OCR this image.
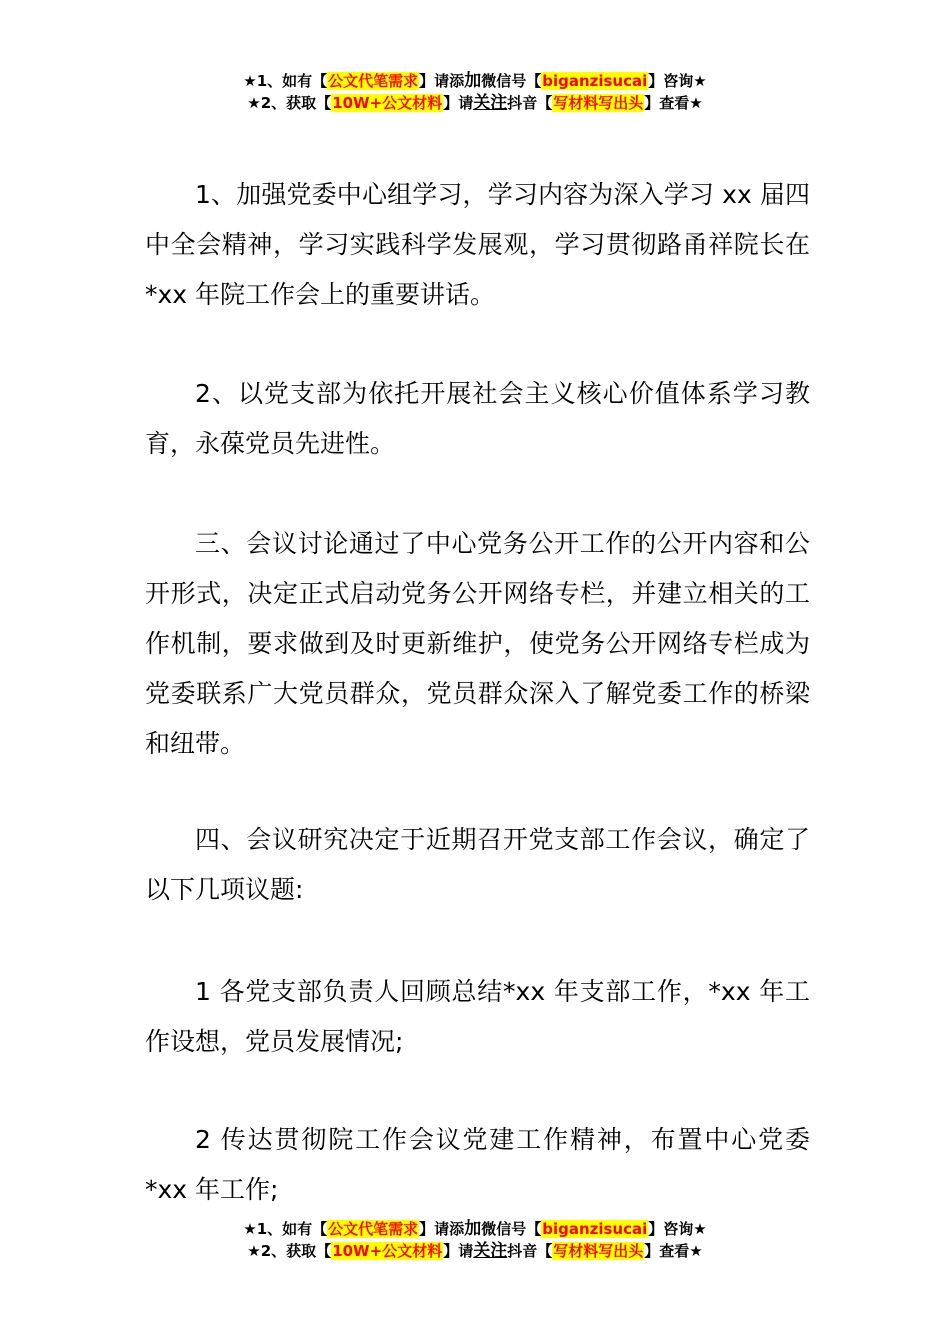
★1、如有【公文代笔需求】请添加微信号【biganzisucai】咨询★
★2、获取【10W+公文材料】请关注抖音【写材料写出头】查看★

1、加强党委中心组学习，学习内容为深入学习 xx 届四中全会精神，学习实践科学发展观，学习贯彻路甬祥院长在*xx 年院工作会上的重要讲话。

2、以党支部为依托开展社会主义核心价值体系学习教育，永葆党员先进性。

三、会议讨论通过了中心党务公开工作的公开内容和公开形式，决定正式启动党务公开网络专栏，并建立相关的工作机制，要求做到及时更新维护，使党务公开网络专栏成为党委联系广大党员群众，党员群众深入了解党委工作的桥梁和纽带。

四、会议研究决定于近期召开党支部工作会议，确定了以下几项议题:

1 各党支部负责人回顾总结*xx 年支部工作，*xx 年工作设想，党员发展情况;

2 传达贯彻院工作会议党建工作精神，布置中心党委*xx 年工作;

★1、如有【公文代笔需求】请添加微信号【biganzisucai】咨询★
★2、获取【10W+公文材料】请关注抖音【写材料写出头】查看★
